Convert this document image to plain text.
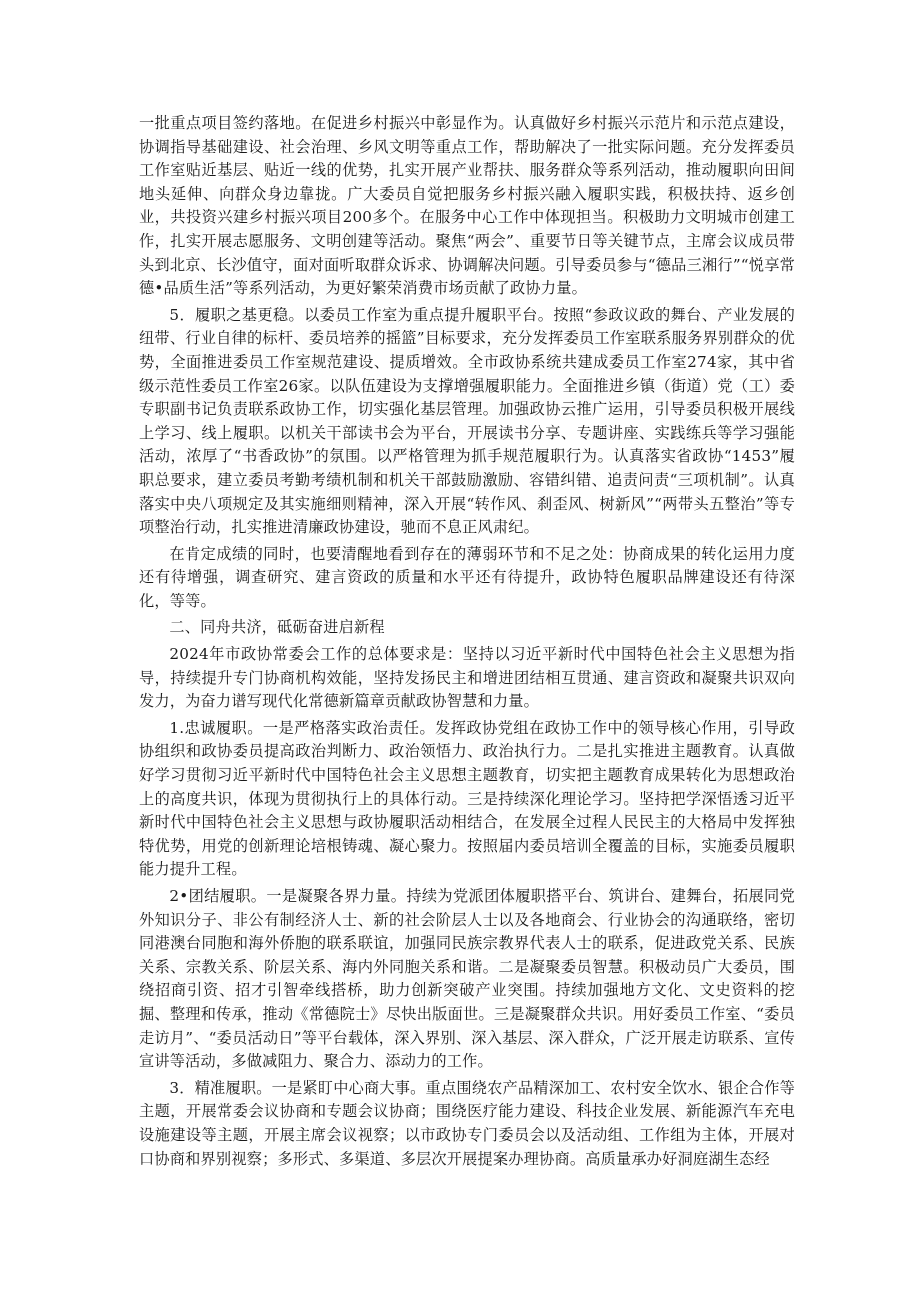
一批重点项目签约落地。在促进乡村振兴中彰显作为。认真做好乡村振兴示范片和示范点建设，协调指导基础建设、社会治理、乡风文明等重点工作，帮助解决了一批实际问题。充分发挥委员工作室贴近基层、贴近一线的优势，扎实开展产业帮扶、服务群众等系列活动，推动履职向田间地头延伸、向群众身边靠拢。广大委员自觉把服务乡村振兴融入履职实践，积极扶持、返乡创业，共投资兴建乡村振兴项目200多个。在服务中心工作中体现担当。积极助力文明城市创建工作，扎实开展志愿服务、文明创建等活动。聚焦“两会”、重要节日等关键节点，主席会议成员带头到北京、长沙值守，面对面听取群众诉求、协调解决问题。引导委员参与“德品三湘行”“悦享常德•品质生活”等系列活动，为更好繁荣消费市场贡献了政协力量。

5．履职之基更稳。以委员工作室为重点提升履职平台。按照“参政议政的舞台、产业发展的纽带、行业自律的标杆、委员培养的摇篮”目标要求，充分发挥委员工作室联系服务界别群众的优势，全面推进委员工作室规范建设、提质增效。全市政协系统共建成委员工作室274家，其中省级示范性委员工作室26家。以队伍建设为支撑增强履职能力。全面推进乡镇（街道）党（工）委专职副书记负责联系政协工作，切实强化基层管理。加强政协云推广运用，引导委员积极开展线上学习、线上履职。以机关干部读书会为平台，开展读书分享、专题讲座、实践练兵等学习强能活动，浓厚了“书香政协”的氛围。以严格管理为抓手规范履职行为。认真落实省政协“1453”履职总要求，建立委员考勤考绩机制和机关干部鼓励激励、容错纠错、追责问责“三项机制”。认真落实中央八项规定及其实施细则精神，深入开展“转作风、刹歪风、树新风”“两带头五整治”等专项整治行动，扎实推进清廉政协建设，驰而不息正风肃纪。

在肯定成绩的同时，也要清醒地看到存在的薄弱环节和不足之处：协商成果的转化运用力度还有待增强，调查研究、建言资政的质量和水平还有待提升，政协特色履职品牌建设还有待深化，等等。

二、同舟共济，砥砺奋进启新程

2024年市政协常委会工作的总体要求是：坚持以习近平新时代中国特色社会主义思想为指导，持续提升专门协商机构效能，坚持发扬民主和增进团结相互贯通、建言资政和凝聚共识双向发力，为奋力谱写现代化常德新篇章贡献政协智慧和力量。

1.忠诚履职。一是严格落实政治责任。发挥政协党组在政协工作中的领导核心作用，引导政协组织和政协委员提高政治判断力、政治领悟力、政治执行力。二是扎实推进主题教育。认真做好学习贯彻习近平新时代中国特色社会主义思想主题教育，切实把主题教育成果转化为思想政治上的高度共识，体现为贯彻执行上的具体行动。三是持续深化理论学习。坚持把学深悟透习近平新时代中国特色社会主义思想与政协履职活动相结合，在发展全过程人民民主的大格局中发挥独特优势，用党的创新理论培根铸魂、凝心聚力。按照届内委员培训全覆盖的目标，实施委员履职能力提升工程。

2•团结履职。一是凝聚各界力量。持续为党派团体履职搭平台、筑讲台、建舞台，拓展同党外知识分子、非公有制经济人士、新的社会阶层人士以及各地商会、行业协会的沟通联络，密切同港澳台同胞和海外侨胞的联系联谊，加强同民族宗教界代表人士的联系，促进政党关系、民族关系、宗教关系、阶层关系、海内外同胞关系和谐。二是凝聚委员智慧。积极动员广大委员，围绕招商引资、招才引智牵线搭桥，助力创新突破产业突围。持续加强地方文化、文史资料的挖掘、整理和传承，推动《常德院士》尽快出版面世。三是凝聚群众共识。用好委员工作室、“委员走访月”、“委员活动日”等平台载体，深入界别、深入基层、深入群众，广泛开展走访联系、宣传宣讲等活动，多做减阻力、聚合力、添动力的工作。

3．精准履职。一是紧盯中心商大事。重点围绕农产品精深加工、农村安全饮水、银企合作等主题，开展常委会议协商和专题会议协商；围绕医疗能力建设、科技企业发展、新能源汽车充电设施建设等主题，开展主席会议视察；以市政协专门委员会以及活动组、工作组为主体，开展对口协商和界别视察；多形式、多渠道、多层次开展提案办理协商。高质量承办好洞庭湖生态经
